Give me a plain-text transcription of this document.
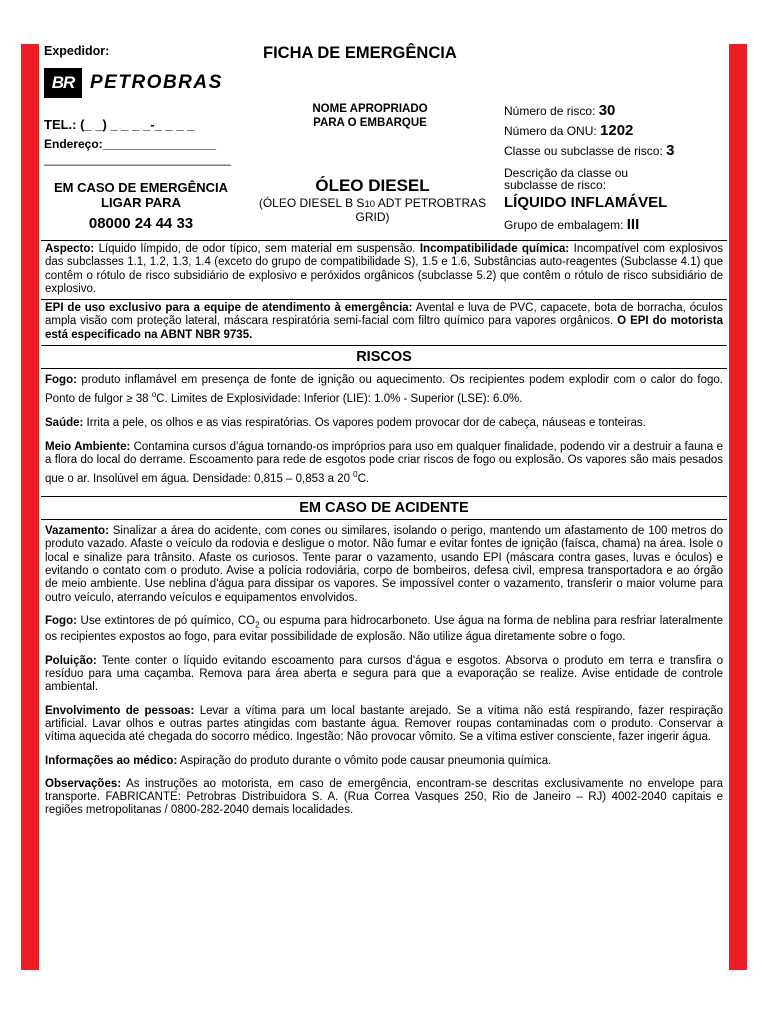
Expedidor:
BR PETROBRAS
TEL.: (_ _) _ _ _ _-_ _ _ _
Endereço:_________________
____________________________
EM CASO DE EMERGÊNCIA
LIGAR PARA
08000 24 44 33
FICHA DE EMERGÊNCIA
NOME APROPRIADO
PARA O EMBARQUE
ÓLEO DIESEL
(ÓLEO DIESEL B S10 ADT PETROBTRAS GRID)
Número de risco: 30
Número da ONU: 1202
Classe ou subclasse de risco: 3
Descrição da classe ou
subclasse de risco:
LÍQUIDO INFLAMÁVEL
Grupo de embalagem: III
Aspecto: Líquido límpido, de odor típico, sem material em suspensão. Incompatibilidade química: Incompatível com explosivos das subclasses 1.1, 1.2, 1.3, 1.4 (exceto do grupo de compatibilidade S), 1.5 e 1.6, Substâncias auto-reagentes (Subclasse 4.1) que contêm o rótulo de risco subsidiário de explosivo e peróxidos orgânicos (subclasse 5.2) que contêm o rótulo de risco subsidiário de explosivo.
EPI de uso exclusivo para a equipe de atendimento à emergência: Avental e luva de PVC, capacete, bota de borracha, óculos ampla visão com proteção lateral, máscara respiratória semi-facial com filtro químico para vapores orgânicos. O EPI do motorista está especificado na ABNT NBR 9735.
RISCOS

Fogo: produto inflamável em presença de fonte de ignição ou aquecimento. Os recipientes podem explodir com o calor do fogo. Ponto de fulgor ≥ 38 $^o$C. Limites de Explosividade: Inferior (LIE): 1.0% - Superior (LSE): 6.0%.

Saúde: Irrita a pele, os olhos e as vias respiratórias. Os vapores podem provocar dor de cabeça, náuseas e tonteiras.

Meio Ambiente: Contamina cursos d'água tornando-os impróprios para uso em qualquer finalidade, podendo vir a destruir a fauna e a flora do local do derrame. Escoamento para rede de esgotos pode criar riscos de fogo ou explosão. Os vapores são mais pesados que o ar. Insolúvel em água. Densidade: 0,815 – 0,853 a 20 $^0$C.

EM CASO DE ACIDENTE

Vazamento: Sinalizar a área do acidente, com cones ou similares, isolando o perigo, mantendo um afastamento de 100 metros do produto vazado. Afaste o veículo da rodovia e desligue o motor. Não fumar e evitar fontes de ignição (faísca, chama) na área. Isole o local e sinalize para trânsito. Afaste os curiosos. Tente parar o vazamento, usando EPI (máscara contra gases, luvas e óculos) e evitando o contato com o produto. Avise a polícia rodoviária, corpo de bombeiros, defesa civil, empresa transportadora e ao órgão de meio ambiente. Use neblina d'água para dissipar os vapores. Se impossível conter o vazamento, transferir o maior volume para outro veículo, aterrando veículos e equipamentos envolvidos.

Fogo: Use extintores de pó químico, $CO_2$ ou espuma para hidrocarboneto. Use água na forma de neblina para resfriar lateralmente os recipientes expostos ao fogo, para evitar possibilidade de explosão. Não utilize água diretamente sobre o fogo.

Poluição: Tente conter o líquido evitando escoamento para cursos d'água e esgotos. Absorva o produto em terra e transfira o resíduo para uma caçamba. Remova para área aberta e segura para que a evaporação se realize. Avise entidade de controle ambiental.

Envolvimento de pessoas: Levar a vítima para um local bastante arejado. Se a vítima não está respirando, fazer respiração artificial. Lavar olhos e outras partes atingidas com bastante água. Remover roupas contaminadas com o produto. Conservar a vítima aquecida até chegada do socorro médico. Ingestão: Não provocar vômito. Se a vítima estiver consciente, fazer ingerir água.

Informações ao médico: Aspiração do produto durante o vômito pode causar pneumonia química.

Observações: As instruções ao motorista, em caso de emergência, encontram-se descritas exclusivamente no envelope para transporte. FABRICANTE: Petrobras Distribuidora S. A. (Rua Correa Vasques 250, Rio de Janeiro – RJ) 4002-2040 capitais e regiões metropolitanas / 0800-282-2040 demais localidades.
